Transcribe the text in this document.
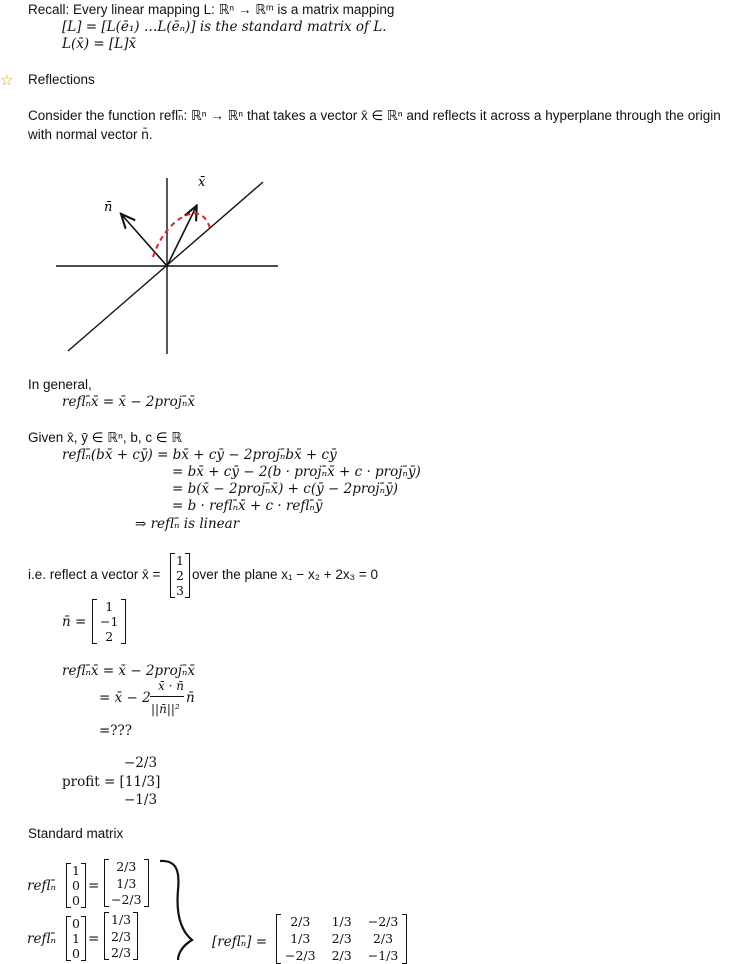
Recall: Every linear mapping L: ℝⁿ → ℝᵐ is a matrix mapping
[L] = [L(ē₁) …L(ēₙ)] is the standard matrix of L.
L(x̄) = [L]x̄
☆ Reflections
Consider the function reflₙ̄: ℝⁿ → ℝⁿ that takes a vector x̄ ∈ ℝⁿ and reflects it across a hyperplane through the origin
with normal vector n̄.
x̄
n̄
In general,
reflₙ̄x̄ = x̄ − 2projₙ̄x̄
Given x̄, ȳ ∈ ℝⁿ, b, c ∈ ℝ
reflₙ̄(bx̄ + cȳ) = bx̄ + cȳ − 2projₙ̄bx̄ + cȳ
= bx̄ + cȳ − 2(b · projₙ̄x̄ + c · projₙ̄ȳ)
= b(x̄ − 2projₙ̄x̄) + c(ȳ − 2projₙ̄ȳ)
= b · reflₙ̄x̄ + c · reflₙ̄ȳ
⇒ reflₙ̄ is linear
i.e. reflect a vector x̄ =
1
2
3
over the plane x₁ − x₂ + 2x₃ = 0
n̄ =
1
−1
2
reflₙ̄x̄ = x̄ − 2projₙ̄x̄
= x̄ − 2
x̄ · n̄
||n̄||²
n̄
=???
−2/3
profit = [11/3]
−1/3
Standard matrix
reflₙ̄
1
0
0
=
2/3
1/3
−2/3
reflₙ̄
0
1
0
=
1/3
2/3
2/3
[reflₙ̄] =
2/3	1/3 −2/3
1/3	2/3	2/3
−2/3 2/3 −1/3
